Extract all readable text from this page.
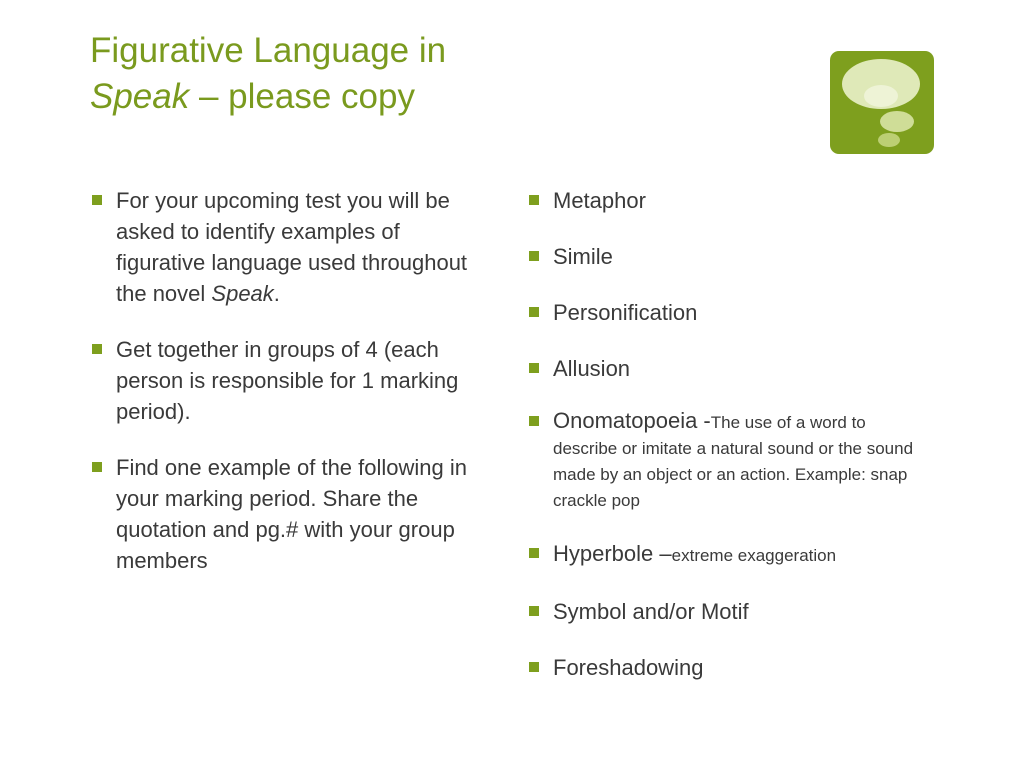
Figurative Language in
Speak – please copy
For your upcoming test you will be asked to identify examples of figurative language used throughout the novel Speak.
Get together in groups of 4 (each person is responsible for 1 marking period).
Find one example of the following in your marking period. Share the quotation and pg.# with your group members
Metaphor
Simile
Personification
Allusion
Onomatopoeia -The use of a word to describe or imitate a natural sound or the sound made by an object or an action. Example: snap crackle pop
Hyperbole –extreme exaggeration
Symbol and/or Motif
Foreshadowing
